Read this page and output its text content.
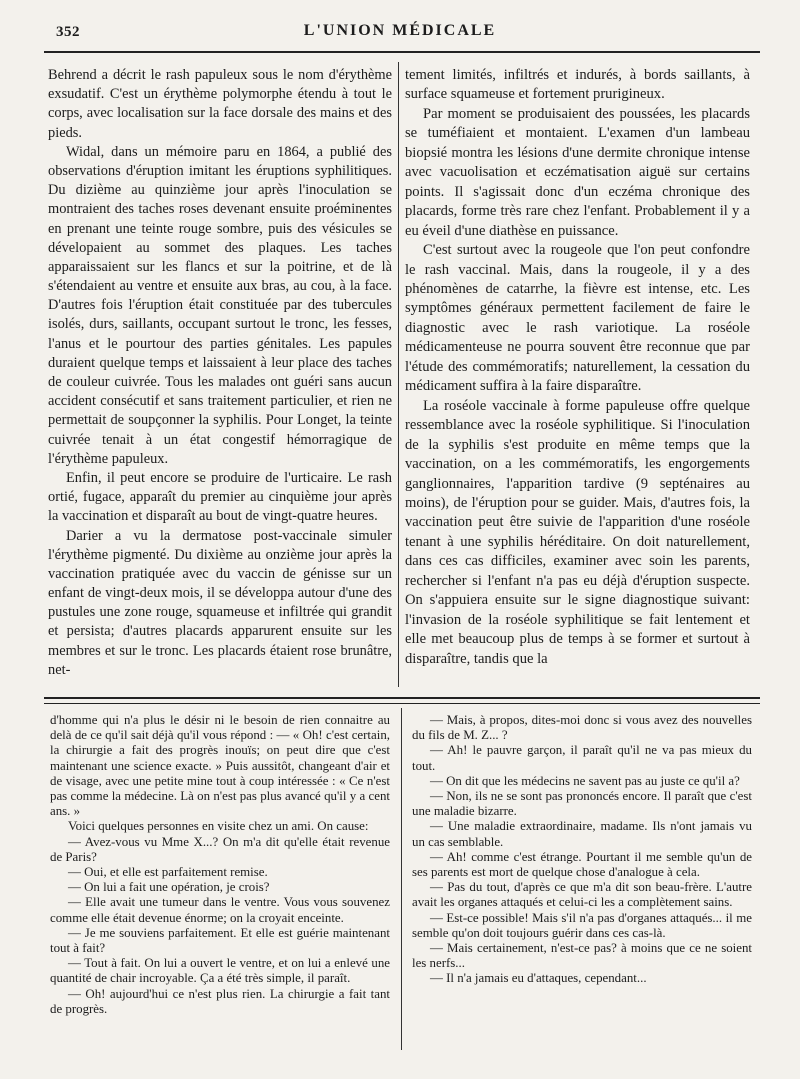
352	L'UNION MÉDICALE

Behrend a décrit le rash papuleux sous le nom d'érythème exsudatif. C'est un érythème polymorphe étendu à tout le corps, avec localisation sur la face dorsale des mains et des pieds.

Widal, dans un mémoire paru en 1864, a publié des observations d'éruption imitant les éruptions syphilitiques. Du dizième au quinzième jour après l'inoculation se montraient des taches roses devenant ensuite proéminentes en prenant une teinte rouge sombre, puis des vésicules se dévelopaient au sommet des plaques. Les taches apparaissaient sur les flancs et sur la poitrine, et de là s'étendaient au ventre et ensuite aux bras, au cou, à la face. D'autres fois l'éruption était constituée par des tubercules isolés, durs, saillants, occupant surtout le tronc, les fesses, l'anus et le pourtour des parties génitales. Les papules duraient quelque temps et laissaient à leur place des taches de couleur cuivrée. Tous les malades ont guéri sans aucun accident consécutif et sans traitement particulier, et rien ne permettait de soupçonner la syphilis. Pour Longet, la teinte cuivrée tenait à un état congestif hémorragique de l'érythème papuleux.

Enfin, il peut encore se produire de l'urticaire. Le rash ortié, fugace, apparaît du premier au cinquième jour après la vaccination et disparaît au bout de vingt-quatre heures.

Darier a vu la dermatose post-vaccinale simuler l'érythème pigmenté. Du dixième au onzième jour après la vaccination pratiquée avec du vaccin de génisse sur un enfant de vingt-deux mois, il se développa autour d'une des pustules une zone rouge, squameuse et infiltrée qui grandit et persista; d'autres placards apparurent ensuite sur les membres et sur le tronc. Les placards étaient rose brunâtre, net-

tement limités, infiltrés et indurés, à bords saillants, à surface squameuse et fortement prurigineux.

Par moment se produisaient des poussées, les placards se tuméfiaient et montaient. L'examen d'un lambeau biopsié montra les lésions d'une dermite chronique intense avec vacuolisation et eczématisation aiguë sur certains points. Il s'agissait donc d'un eczéma chronique des placards, forme très rare chez l'enfant. Probablement il y a eu éveil d'une diathèse en puissance.

C'est surtout avec la rougeole que l'on peut confondre le rash vaccinal. Mais, dans la rougeole, il y a des phénomènes de catarrhe, la fièvre est intense, etc. Les symptômes généraux permettent facilement de faire le diagnostic avec le rash variotique. La roséole médicamenteuse ne pourra souvent être reconnue que par l'étude des commémoratifs; naturellement, la cessation du médicament suffira à la faire disparaître.

La roséole vaccinale à forme papuleuse offre quelque ressemblance avec la roséole syphilitique. Si l'inoculation de la syphilis s'est produite en même temps que la vaccination, on a les commémoratifs, les engorgements ganglionnaires, l'apparition tardive (9 septénaires au moins), de l'éruption pour se guider. Mais, d'autres fois, la vaccination peut être suivie de l'apparition d'une roséole tenant à une syphilis héréditaire. On doit naturellement, dans ces cas difficiles, examiner avec soin les parents, rechercher si l'enfant n'a pas eu déjà d'éruption suspecte. On s'appuiera ensuite sur le signe diagnostique suivant: l'invasion de la roséole syphilitique se fait lentement et elle met beaucoup plus de temps à se former et surtout à disparaître, tandis que la

d'homme qui n'a plus le désir ni le besoin de rien connaitre au delà de ce qu'il sait déjà qu'il vous répond : — « Oh! c'est certain, la chirurgie a fait des progrès inouïs; on peut dire que c'est maintenant une science exacte. » Puis aussitôt, changeant d'air et de visage, avec une petite mine tout à coup intéressée : « Ce n'est pas comme la médecine. Là on n'est pas plus avancé qu'il y a cent ans. »

Voici quelques personnes en visite chez un ami. On cause:

— Avez-vous vu Mme X...? On m'a dit qu'elle était revenue de Paris?

— Oui, et elle est parfaitement remise.

— On lui a fait une opération, je crois?

— Elle avait une tumeur dans le ventre. Vous vous souvenez comme elle était devenue énorme; on la croyait enceinte.

— Je me souviens parfaitement. Et elle est guérie maintenant tout à fait?

— Tout à fait. On lui a ouvert le ventre, et on lui a enlevé une quantité de chair incroyable. Ça a été très simple, il paraît.

— Oh! aujourd'hui ce n'est plus rien. La chirurgie a fait tant de progrès.

— Mais, à propos, dites-moi donc si vous avez des nouvelles du fils de M. Z... ?

— Ah! le pauvre garçon, il paraît qu'il ne va pas mieux du tout.

— On dit que les médecins ne savent pas au juste ce qu'il a?

— Non, ils ne se sont pas prononcés encore. Il paraît que c'est une maladie bizarre.

— Une maladie extraordinaire, madame. Ils n'ont jamais vu un cas semblable.

— Ah! comme c'est étrange. Pourtant il me semble qu'un de ses parents est mort de quelque chose d'analogue à cela.

— Pas du tout, d'après ce que m'a dit son beau-frère. L'autre avait les organes attaqués et celui-ci les a complètement sains.

— Est-ce possible! Mais s'il n'a pas d'organes attaqués... il me semble qu'on doit toujours guérir dans ces cas-là.

— Mais certainement, n'est-ce pas? à moins que ce ne soient les nerfs...

— Il n'a jamais eu d'attaques, cependant...
